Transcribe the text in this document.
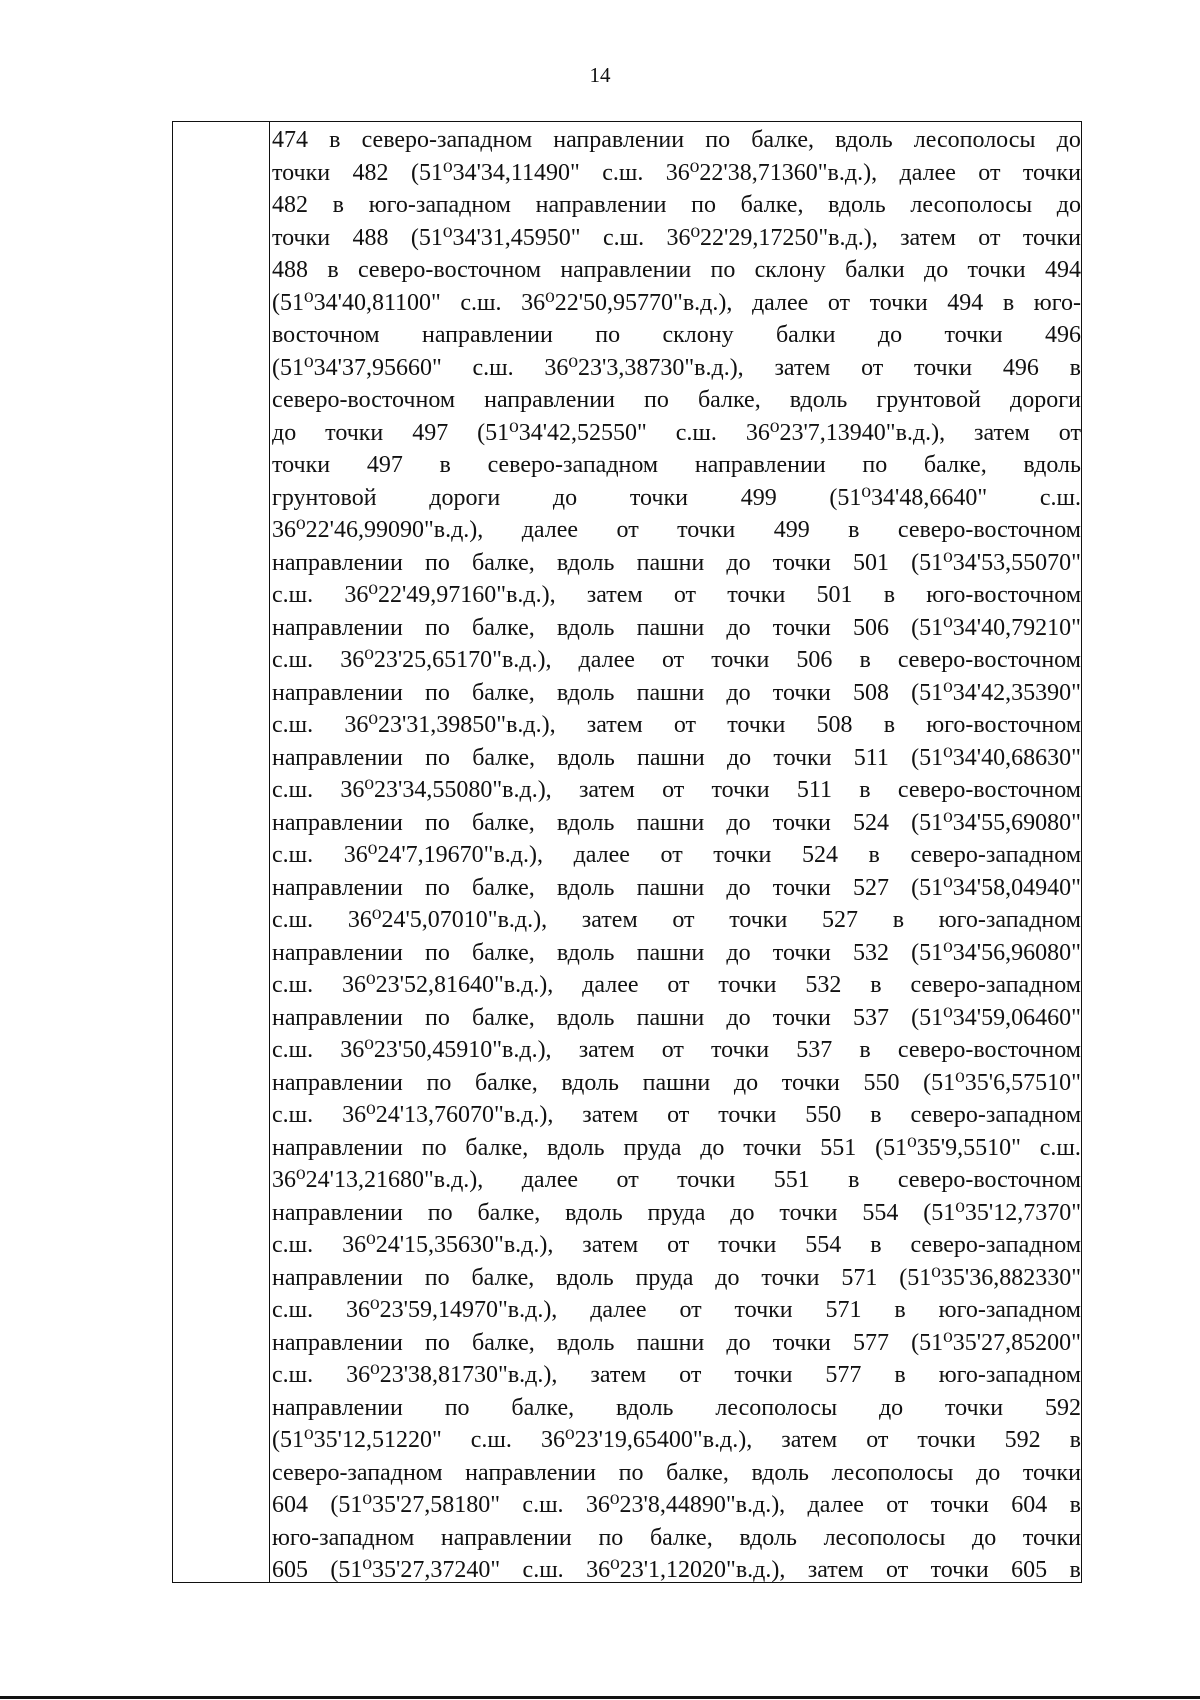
14
474 в северо-западном направлении по балке, вдоль лесополосы до
точки 482 (51⁰34'34,11490" с.ш. 36⁰22'38,71360"в.д.), далее от точки
482 в юго-западном направлении по балке, вдоль лесополосы до
точки 488 (51⁰34'31,45950" с.ш. 36⁰22'29,17250"в.д.), затем от точки
488 в северо-восточном направлении по склону балки до точки 494
(51⁰34'40,81100" с.ш. 36⁰22'50,95770"в.д.), далее от точки 494 в юго-
восточном направлении по склону балки до точки 496
(51⁰34'37,95660" с.ш. 36⁰23'3,38730"в.д.), затем от точки 496 в
северо-восточном направлении по балке, вдоль грунтовой дороги
до точки 497 (51⁰34'42,52550" с.ш. 36⁰23'7,13940"в.д.), затем от
точки 497 в северо-западном направлении по балке, вдоль
грунтовой дороги до точки 499 (51⁰34'48,6640" с.ш.
36⁰22'46,99090"в.д.), далее от точки 499 в северо-восточном
направлении по балке, вдоль пашни до точки 501 (51⁰34'53,55070"
с.ш. 36⁰22'49,97160"в.д.), затем от точки 501 в юго-восточном
направлении по балке, вдоль пашни до точки 506 (51⁰34'40,79210"
с.ш. 36⁰23'25,65170"в.д.), далее от точки 506 в северо-восточном
направлении по балке, вдоль пашни до точки 508 (51⁰34'42,35390"
с.ш. 36⁰23'31,39850"в.д.), затем от точки 508 в юго-восточном
направлении по балке, вдоль пашни до точки 511 (51⁰34'40,68630"
с.ш. 36⁰23'34,55080"в.д.), затем от точки 511 в северо-восточном
направлении по балке, вдоль пашни до точки 524 (51⁰34'55,69080"
с.ш. 36⁰24'7,19670"в.д.), далее от точки 524 в северо-западном
направлении по балке, вдоль пашни до точки 527 (51⁰34'58,04940"
с.ш. 36⁰24'5,07010"в.д.), затем от точки 527 в юго-западном
направлении по балке, вдоль пашни до точки 532 (51⁰34'56,96080"
с.ш. 36⁰23'52,81640"в.д.), далее от точки 532 в северо-западном
направлении по балке, вдоль пашни до точки 537 (51⁰34'59,06460"
с.ш. 36⁰23'50,45910"в.д.), затем от точки 537 в северо-восточном
направлении по балке, вдоль пашни до точки 550 (51⁰35'6,57510"
с.ш. 36⁰24'13,76070"в.д.), затем от точки 550 в северо-западном
направлении по балке, вдоль пруда до точки 551 (51⁰35'9,5510" с.ш.
36⁰24'13,21680"в.д.), далее от точки 551 в северо-восточном
направлении по балке, вдоль пруда до точки 554 (51⁰35'12,7370"
с.ш. 36⁰24'15,35630"в.д.), затем от точки 554 в северо-западном
направлении по балке, вдоль пруда до точки 571 (51⁰35'36,882330"
с.ш. 36⁰23'59,14970"в.д.), далее от точки 571 в юго-западном
направлении по балке, вдоль пашни до точки 577 (51⁰35'27,85200"
с.ш. 36⁰23'38,81730"в.д.), затем от точки 577 в юго-западном
направлении по балке, вдоль лесополосы до точки 592
(51⁰35'12,51220" с.ш. 36⁰23'19,65400"в.д.), затем от точки 592 в
северо-западном направлении по балке, вдоль лесополосы до точки
604 (51⁰35'27,58180" с.ш. 36⁰23'8,44890"в.д.), далее от точки 604 в
юго-западном направлении по балке, вдоль лесополосы до точки
605 (51⁰35'27,37240" с.ш. 36⁰23'1,12020"в.д.), затем от точки 605 в
